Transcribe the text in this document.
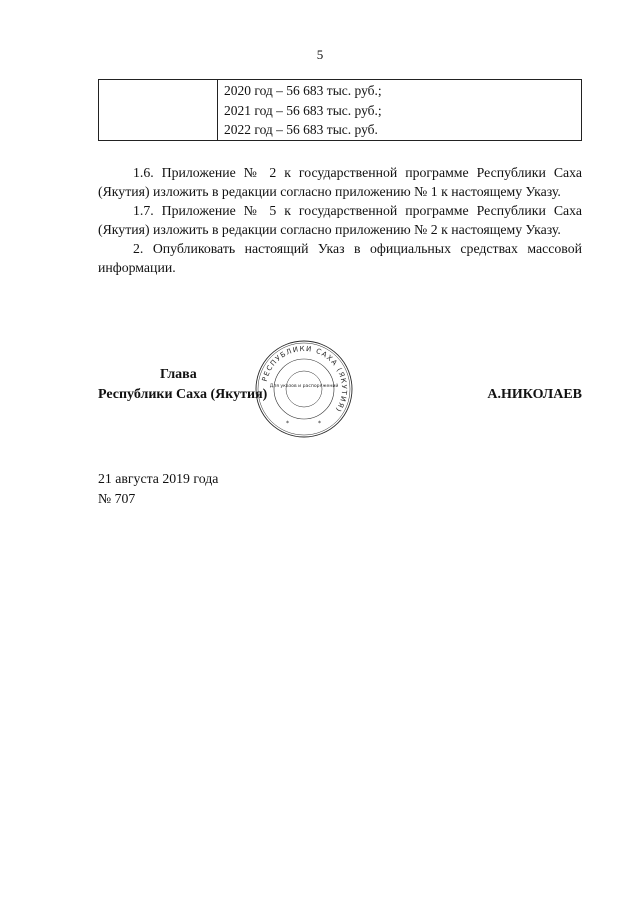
5

2020 год – 56 683 тыс. руб.;
2021 год – 56 683 тыс. руб.;
2022 год – 56 683 тыс. руб.

1.6. Приложение № 2 к государственной программе Республики Саха (Якутия) изложить в редакции согласно приложению № 1 к настоящему Указу.

1.7. Приложение № 5 к государственной программе Республики Саха (Якутия) изложить в редакции согласно приложению № 2 к настоящему Указу.

2. Опубликовать настоящий Указ в официальных средствах массовой информации.

Глава
Республики Саха (Якутия)	А.НИКОЛАЕВ
РЕСПУБЛИКИ САХА (ЯКУТИЯ)
Для указов и распоряжений
*	*
21 августа 2019 года
№ 707
